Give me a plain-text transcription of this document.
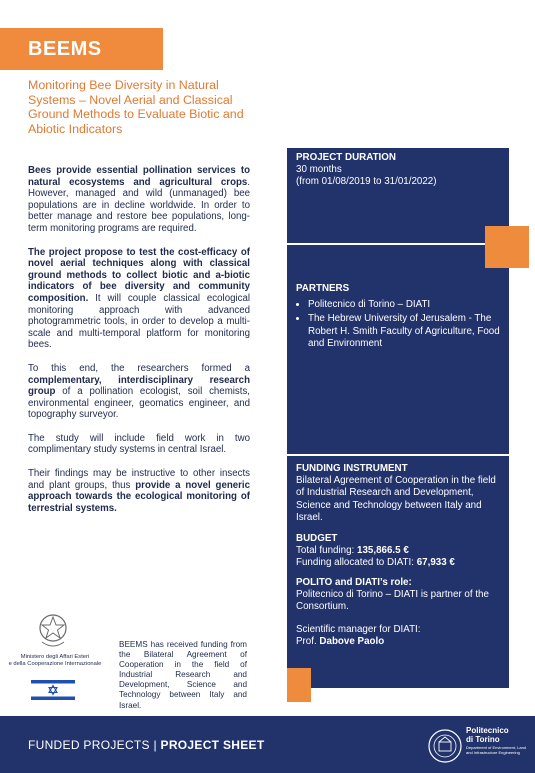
BEEMS
Monitoring Bee Diversity in Natural Systems – Novel Aerial and Classical Ground Methods to Evaluate Biotic and Abiotic Indicators

Bees provide essential pollination services to natural ecosystems and agricultural crops. However, managed and wild (unmanaged) bee populations are in decline worldwide. In order to better manage and restore bee populations, long-term monitoring programs are required.

The project propose to test the cost-efficacy of novel aerial techniques along with classical ground methods to collect biotic and a-biotic indicators of bee diversity and community composition. It will couple classical ecological monitoring approach with advanced photogrammetric tools, in order to develop a multi-scale and multi-temporal platform for monitoring bees.

To this end, the researchers formed a complementary, interdisciplinary research group of a pollination ecologist, soil chemists, environmental engineer, geomatics engineer, and topography surveyor.

The study will include field work in two complimentary study systems in central Israel.

Their findings may be instructive to other insects and plant groups, thus provide a novel generic approach towards the ecological monitoring of terrestrial systems.

PROJECT DURATION
30 months
(from 01/08/2019 to 31/01/2022)
PARTNERS
• Politecnico di Torino – DIATI
• The Hebrew University of Jerusalem - The Robert H. Smith Faculty of Agriculture, Food and Environment
FUNDING INSTRUMENT
Bilateral Agreement of Cooperation in the field of Industrial Research and Development, Science and Technology between Italy and Israel.
BUDGET
Total funding: 135,866.5 €
Funding allocated to DIATI: 67,933 €
POLITO and DIATI’s role:
Politecnico di Torino – DIATI is partner of the Consortium.
Scientific manager for DIATI:
Prof. Dabove Paolo
Ministero degli Affari Esteri
e della Cooperazione Internazionale
BEEMS has received funding from the Bilateral Agreement of Cooperation in the field of Industrial Research and Development, Science and Technology between Italy and Israel.
FUNDED PROJECTS | PROJECT SHEET
Politecnico
di Torino
Department of Environment, Land and Infrastructure Engineering
